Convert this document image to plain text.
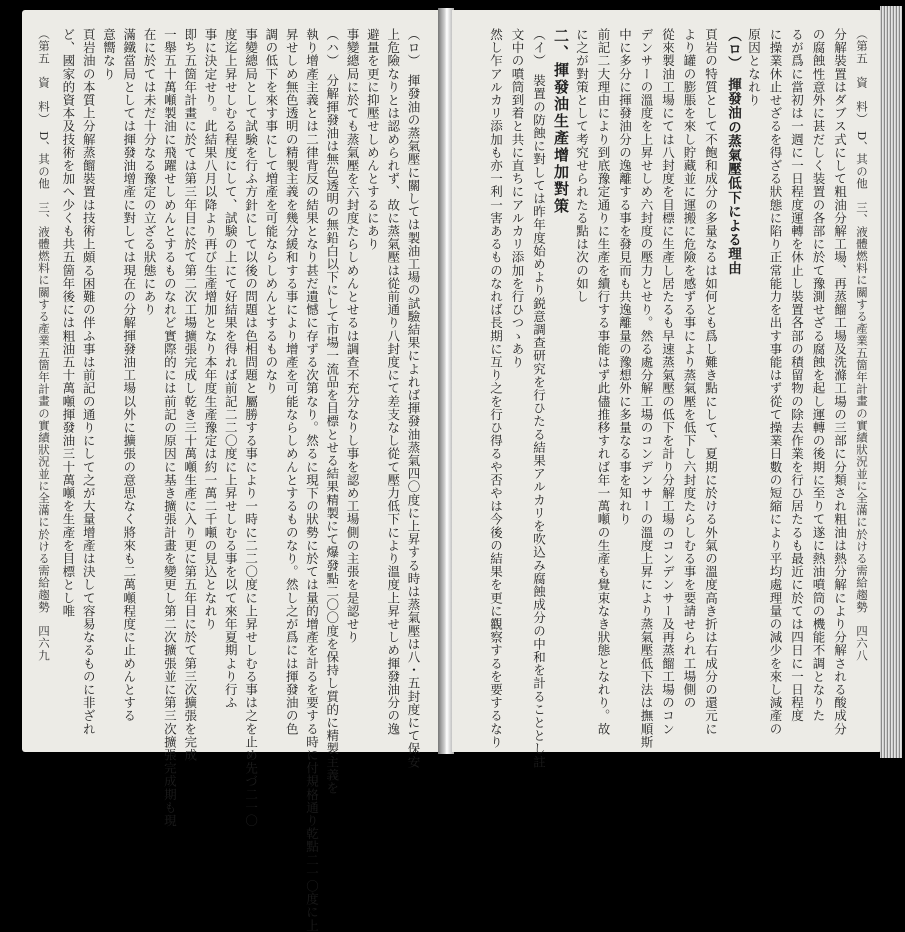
（ロ）　揮發油の蒸氣壓に關しては製油工場の試驗結果によれば揮發油蒸氣四〇度に上昇する時は蒸氣壓は八・五封度にて保安
上危險なりとは認められず、故に蒸氣壓は從前通り八封度にて差支なし從て壓力低下により溫度上昇せしめ揮發油分の逸
避量を更に抑壓せしめんとするにあり
事變總局に於ても蒸氣壓を六封度たらしめんとせるは調查不充分なりし事を認め工場側の主張を是認せり
（ハ）　分解揮發油は無色透明の無鉛白以下にして市場一流品を目標とせる結果精製にて爆發點二〇〇度を保持し質的に精製主義を
執り增產主義とは二律背反の結果となり甚だ遺憾に存ずる次第なり。然るに現下の狀勢に於ては量的增產を計るを要する時に付規格通り乾點二一〇度に上
昇せしめ無色透明の精製主義を幾分緩和する事により增產を可能ならしめんとするものなり。然し之が爲には揮發油の色
調の低下を來す事にして増產を可能ならしめんとするものなり
事變總局として試験を行ふ方針にして以後の問題は色相問題と屬勝する事により一時に二二〇度に上昇せしむる事は之を止め先づ二一〇
度迄上昇せしむる程度にして、試験の上にて好結果を得れば前記二二〇度に上昇せしむる事を以て來年夏期より行ふ
事に決定せり。此結果八月以降より再び生產增加となり本年度生產豫定は約一萬二千噸の見込となれり
即ち五箇年計畫に於ては第三年目に於て第二次工場擴張完成し乾き三十萬噸生產に入り更に第五年目に於て第三次擴張を完成
一舉五十萬噸製油に飛躍せしめんとするものなれど實際的には前記の原因に基き擴張計畫を變更し第二次擴張並に第三次擴張完成期も現
在に於ては未だ十分なる豫定の立ざる狀態にあり
滿鐵當局としては揮發油增產に對しては現在の分解揮發油工場以外に擴張の意思なく將來も二萬噸程度に止めんとする
意嚮なり
頁岩油の本質上分解蒸餾裝置は技術上頗る困難の伴ふ事は前記の通りにして之が大量增產は決して容易なるものに非ざれ
ど、國家的資本及技術を加へ少くも共五箇年後には粗油五十萬噸揮發油三十萬噸を生產を目標とし唯
（第五　資　料）　D、其の他　三、液體燃料に關する產業五箇年計畫の實績狀況並に全滿に於ける需給趨勢　四六九	（第五　資　料）　D、其の他　三、液體燃料に關する產業五箇年計畫の實績狀況並に全滿に於ける需給趨勢　四六八
分解裝置はダブス式にして粗油分解工場、再蒸餾工場及洗滌工場の三部に分類され粗油は熱分解により分解される酸成分
の腐蝕性意外に甚だしく装置の各部に於て豫測せざる腐蝕を起し運轉の後期に至りて遂に熱油噴筒の機能不調となりた
るが爲に當初は一週に一日程度運轉を休止し裝置各部の積留物の除去作業を行ひ居たるも最近に於ては四日に一日程度
に操業休止せざるを得ざる狀態に陷り正常能力を出す事能はず從て操業日數の短縮により平均處理量の減少を來し減產の
原因となれり
（ロ）　揮發油の蒸氣壓低下による理由
頁岩の特質として不飽和成分の多量なるは如何とも爲し難き點にして、夏期に於ける外氣の溫度高き折は右成分の還元に
より罐の膨脹を來し貯藏並に運搬に危險を感ずる事により蒸氣壓を低下し六封度たらしむる事を要請せられ工場側の
從來製油工場にては八封度を目標に生產し居たるも早速蒸氣壓の低下を計り分解工場のコンデンサー及再蒸餾工場のコン
デンサーの溫度を上昇せしめ六封度の壓力とせり。然る處分解工場のコンデンサーの溫度上昇により蒸氣壓低下法は撫順斯
中に多分に揮發油分の逸離する事を發見而も共逸離量の豫想外に多量なる事を知れり
前記二大理由により到底豫定通りに生產を續行する事能はず此儘推移すれば年一萬噸の生產も覺束なき狀態となれり。故
に之が對策として考究せられたる點は次の如し
二、揮發油生產增加對策
（イ）　裝置の防蝕に對しては昨年度始めより鋭意調查研究を行ひたる結果アルカリを吹込み腐蝕成分の中和を計ることとし註
文中の噴筒到着と共に直ちにアルカリ添加を行ひつゝあり
然し乍アルカリ添加も亦一利一害あるものなれば長期に互り之を行ひ得るや否やは今後の結果を更に觀察するを要するなり
